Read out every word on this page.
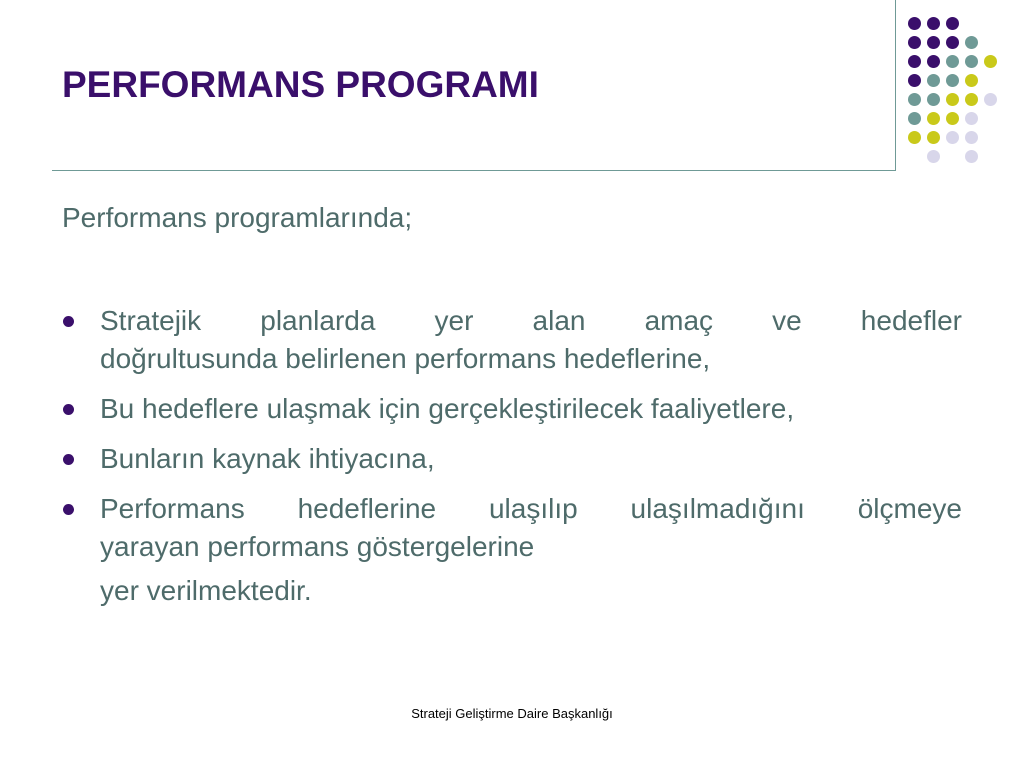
PERFORMANS PROGRAMI
Performans programlarında;
Stratejik planlarda yer alan amaç ve hedefler
doğrultusunda belirlenen performans hedeflerine,
Bu hedeflere ulaşmak için gerçekleştirilecek faaliyetlere,
Bunların kaynak ihtiyacına,
Performans hedeflerine ulaşılıp ulaşılmadığını ölçmeye
yarayan performans göstergelerine
yer verilmektedir.
Strateji Geliştirme Daire Başkanlığı
